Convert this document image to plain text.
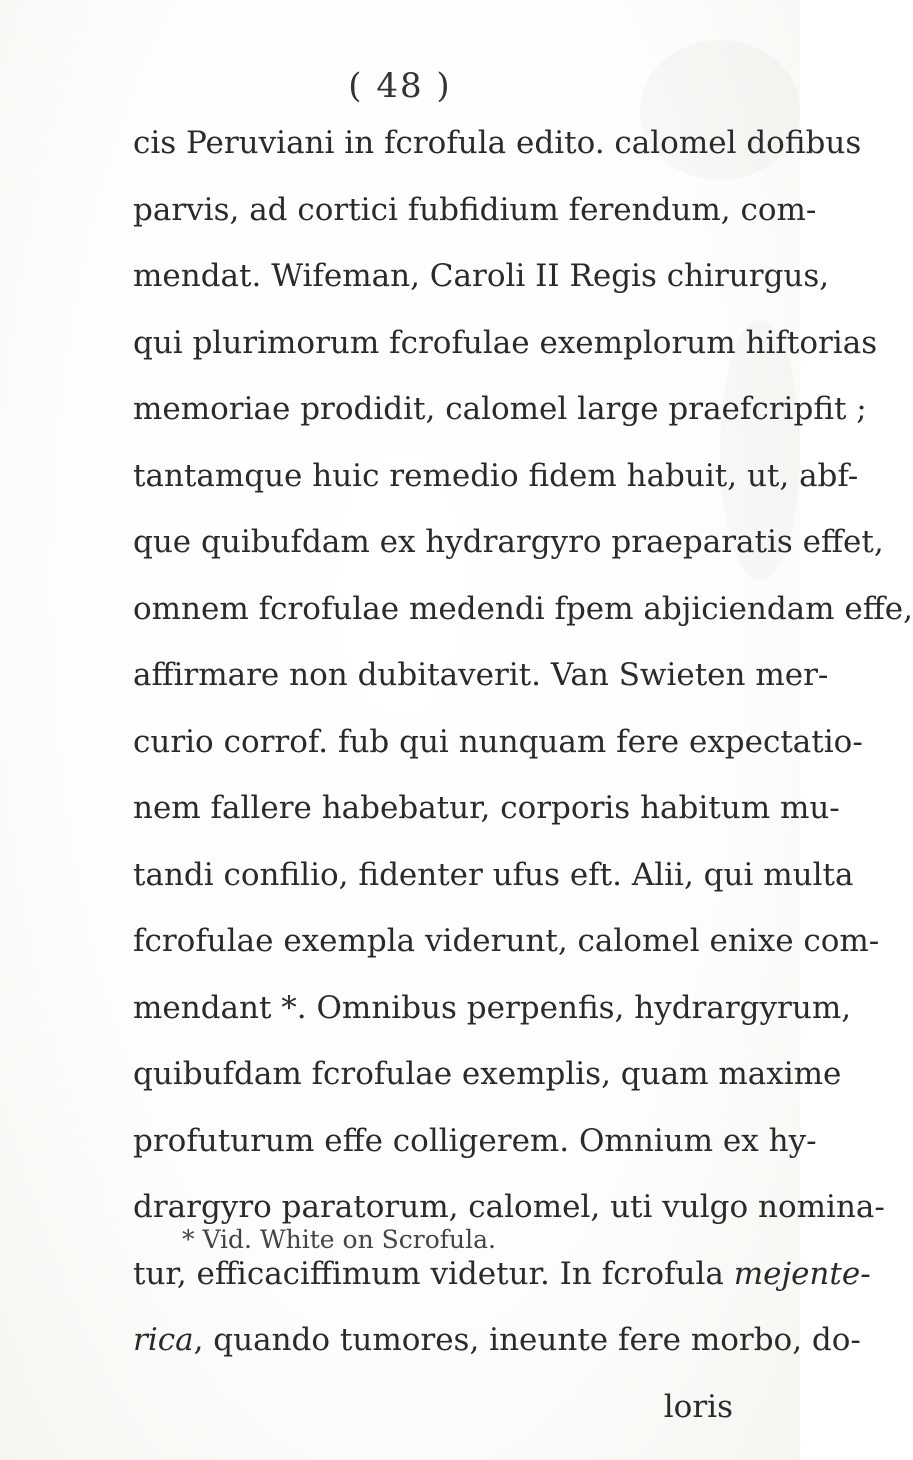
( 48 )
cis Peruviani in fcrofula edito. calomel dofibus
parvis, ad cortici fubfidium ferendum, com-
mendat. Wifeman, Caroli II Regis chirurgus,
qui plurimorum fcrofulae exemplorum hiftorias
memoriae prodidit, calomel large praefcripfit ;
tantamque huic remedio fidem habuit, ut, abf-
que quibufdam ex hydrargyro praeparatis effet,
omnem fcrofulae medendi fpem abjiciendam effe,
affirmare non dubitaverit. Van Swieten mer-
curio corrof. fub qui nunquam fere expectatio-
nem fallere habebatur, corporis habitum mu-
tandi confilio, fidenter ufus eft. Alii, qui multa
fcrofulae exempla viderunt, calomel enixe com-
mendant *. Omnibus perpenfis, hydrargyrum,
quibufdam fcrofulae exemplis, quam maxime
profuturum effe colligerem. Omnium ex hy-
drargyro paratorum, calomel, uti vulgo nomina-
tur, efficaciffimum videtur. In fcrofula mejente-
rica, quando tumores, ineunte fere morbo, do-
loris
* Vid. White on Scrofula.
